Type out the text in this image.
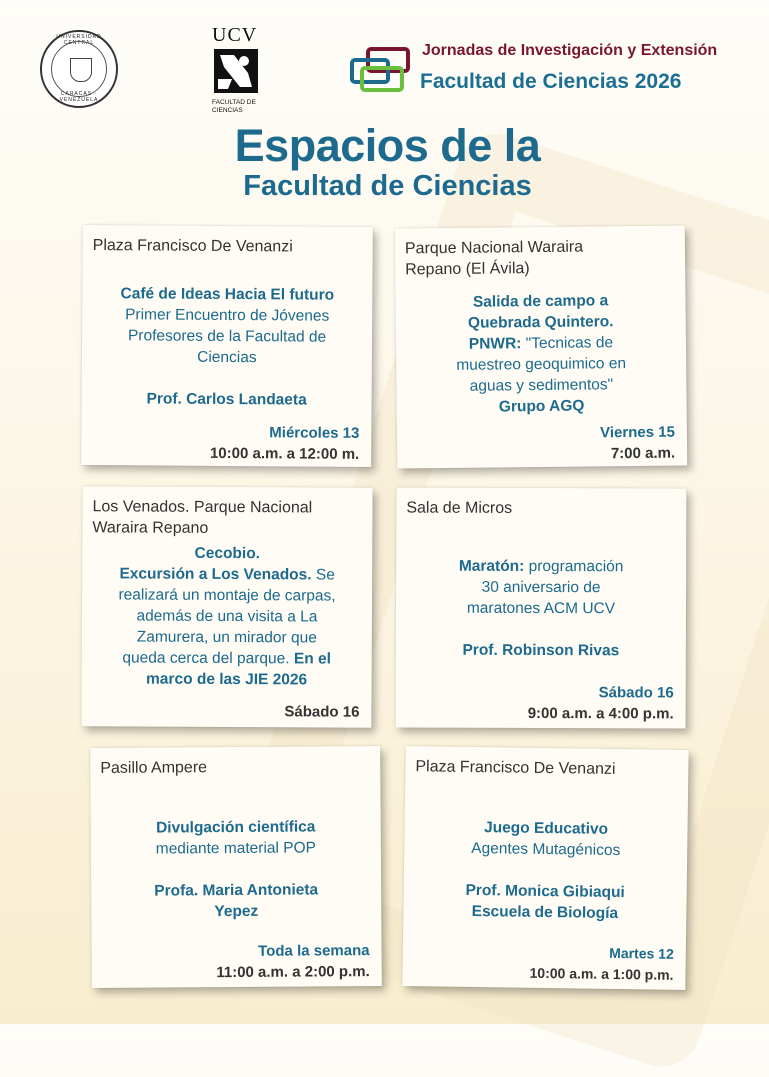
UNIVERSIDAD CENTRAL
CARACAS · VENEZUELA
UCV
FACULTAD DE
CIENCIAS
Jornadas de Investigación y Extensión
Facultad de Ciencias 2026
Espacios de la
Facultad de Ciencias
Plaza Francisco De Venanzi
Café de Ideas Hacia El futuro
Primer Encuentro de Jóvenes
Profesores de la Facultad de
Ciencias
Prof. Carlos Landaeta
Miércoles 13
10:00 a.m. a 12:00 m.
Parque Nacional Waraira
Repano (El Ávila)
Salida de campo a
Quebrada Quintero.
PNWR: "Tecnicas de
muestreo geoquimico en
aguas y sedimentos"
Grupo AGQ
Viernes 15
7:00 a.m.
Los Venados. Parque Nacional
Waraira Repano
Cecobio.
Excursión a Los Venados. Se
realizará un montaje de carpas,
además de una visita a La
Zamurera, un mirador que
queda cerca del parque. En el
marco de las JIE 2026
Sábado 16
Sala de Micros
Maratón: programación
30 aniversario de
maratones ACM UCV
Prof. Robinson Rivas
Sábado 16
9:00 a.m. a 4:00 p.m.
Pasillo Ampere
Divulgación científica
mediante material POP
Profa. Maria Antonieta
Yepez
Toda la semana
11:00 a.m. a 2:00 p.m.
Plaza Francisco De Venanzi
Juego Educativo
Agentes Mutagénicos
Prof. Monica Gibiaqui
Escuela de Biología
Martes 12
10:00 a.m. a 1:00 p.m.
